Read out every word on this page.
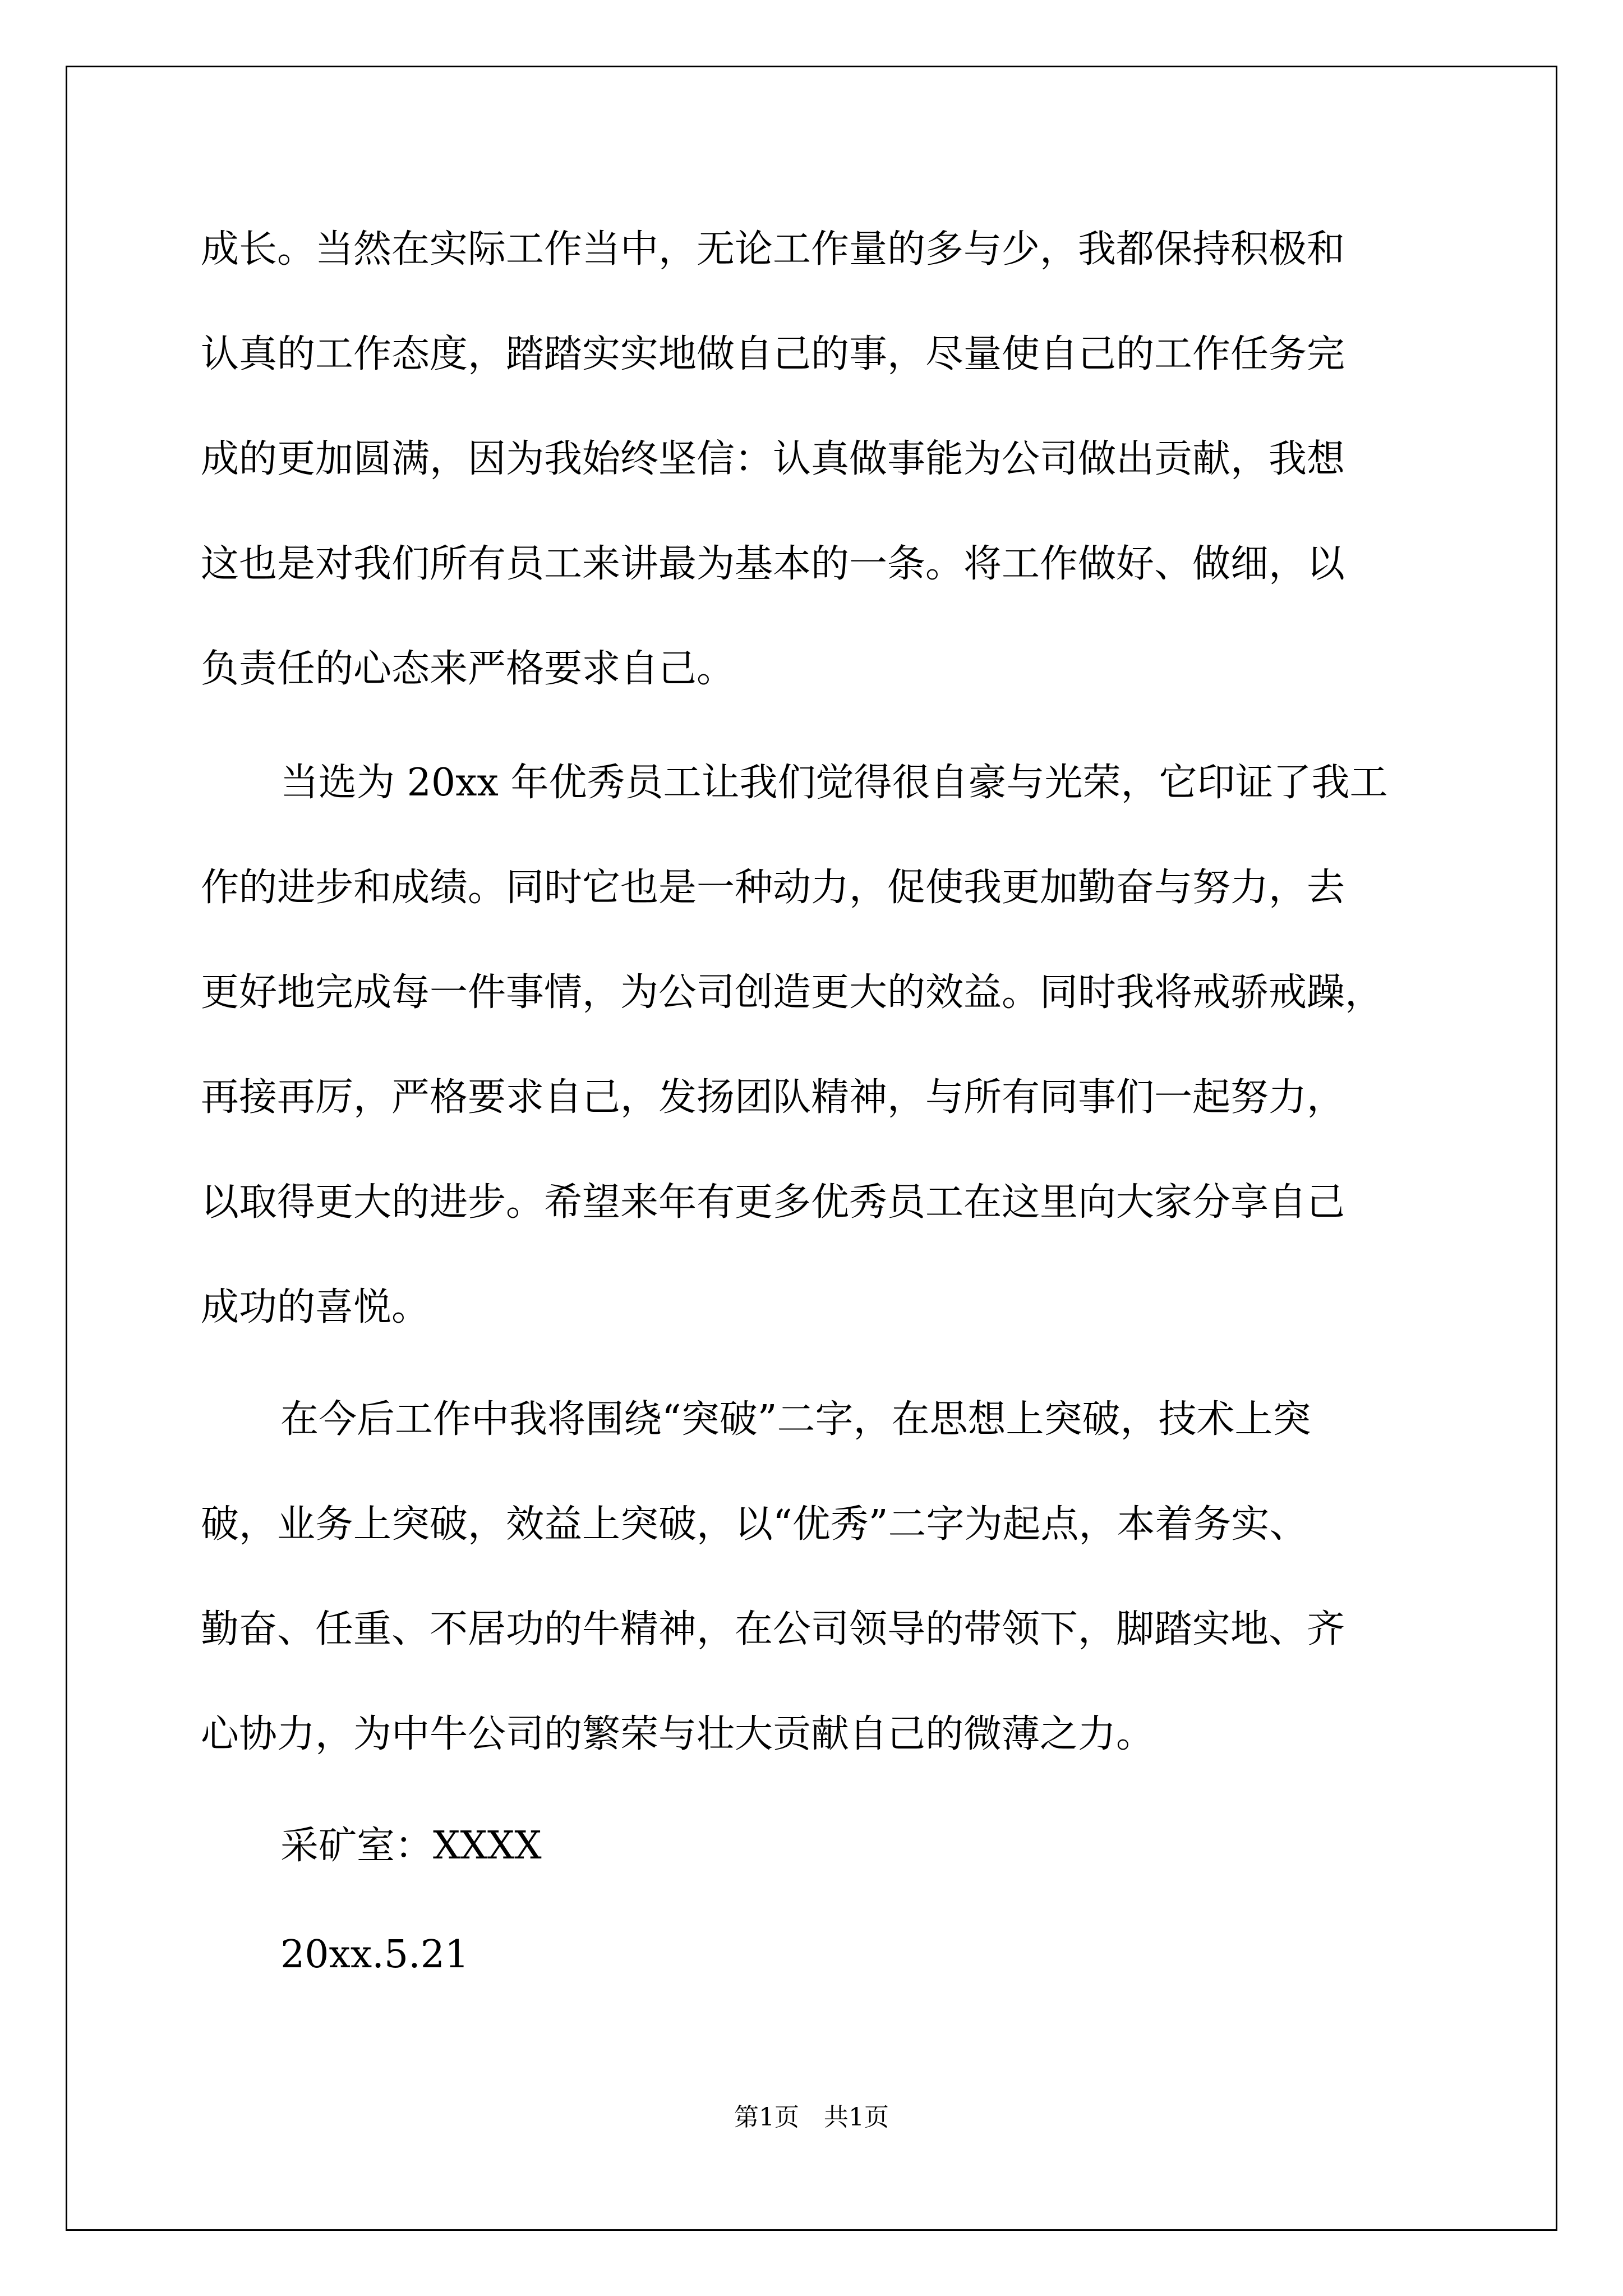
成长。当然在实际工作当中，无论工作量的多与少，我都保持积极和
认真的工作态度，踏踏实实地做自己的事，尽量使自己的工作任务完
成的更加圆满，因为我始终坚信：认真做事能为公司做出贡献，我想
这也是对我们所有员工来讲最为基本的一条。将工作做好、做细，以
负责任的心态来严格要求自己。
当选为 20xx 年优秀员工让我们觉得很自豪与光荣，它印证了我工
作的进步和成绩。同时它也是一种动力，促使我更加勤奋与努力，去
更好地完成每一件事情，为公司创造更大的效益。同时我将戒骄戒躁，
再接再厉，严格要求自己，发扬团队精神，与所有同事们一起努力，
以取得更大的进步。希望来年有更多优秀员工在这里向大家分享自己
成功的喜悦。
在今后工作中我将围绕“突破”二字，在思想上突破，技术上突
破，业务上突破，效益上突破，以“优秀”二字为起点，本着务实、
勤奋、任重、不居功的牛精神，在公司领导的带领下，脚踏实地、齐
心协力，为中牛公司的繁荣与壮大贡献自己的微薄之力。
采矿室：XXXX
20xx.5.21
第1页　共1页
